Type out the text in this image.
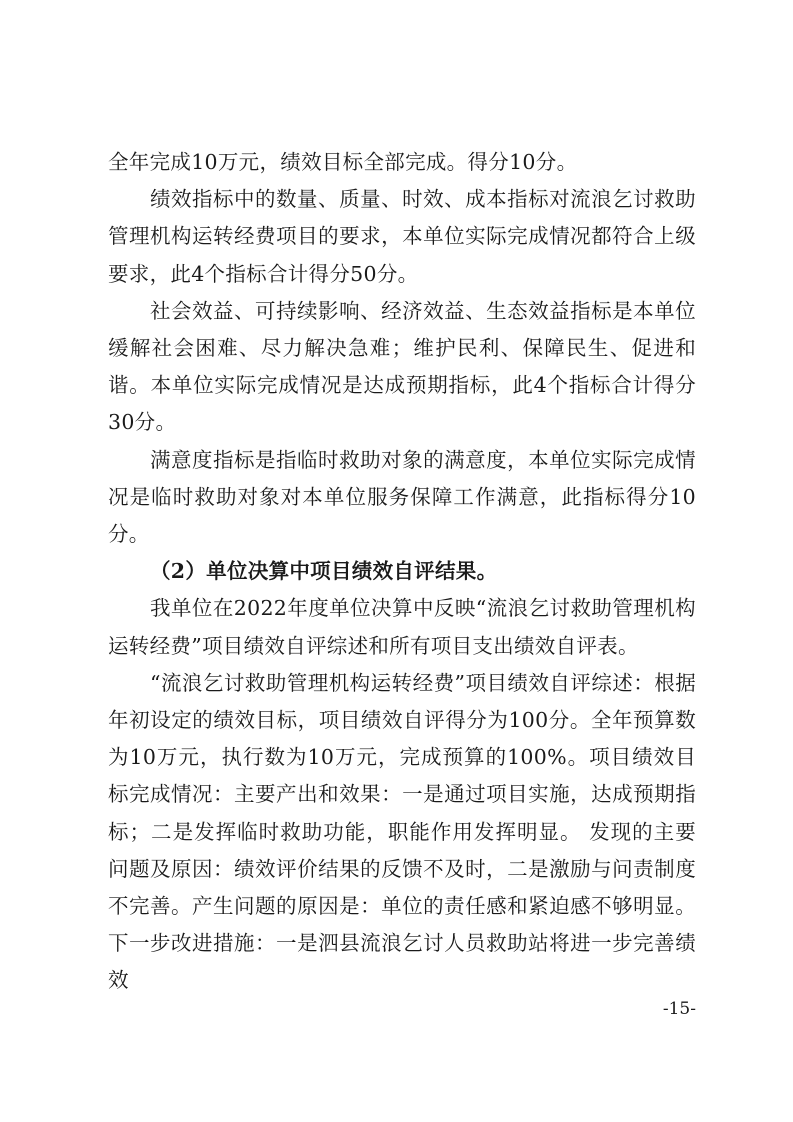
全年完成10万元，绩效目标全部完成。得分10分。

绩效指标中的数量、质量、时效、成本指标对流浪乞讨救助管理机构运转经费项目的要求，本单位实际完成情况都符合上级要求，此4个指标合计得分50分。

社会效益、可持续影响、经济效益、生态效益指标是本单位缓解社会困难、尽力解决急难；维护民利、保障民生、促进和谐。本单位实际完成情况是达成预期指标，此4个指标合计得分30分。

满意度指标是指临时救助对象的满意度，本单位实际完成情况是临时救助对象对本单位服务保障工作满意，此指标得分10分。

（2）单位决算中项目绩效自评结果。

我单位在2022年度单位决算中反映“流浪乞讨救助管理机构运转经费”项目绩效自评综述和所有项目支出绩效自评表。

“流浪乞讨救助管理机构运转经费”项目绩效自评综述：根据年初设定的绩效目标，项目绩效自评得分为100分。全年预算数为10万元，执行数为10万元，完成预算的100%。项目绩效目标完成情况：主要产出和效果：一是通过项目实施，达成预期指标；二是发挥临时救助功能，职能作用发挥明显。 发现的主要问题及原因：绩效评价结果的反馈不及时，二是激励与问责制度不完善。产生问题的原因是：单位的责任感和紧迫感不够明显。下一步改进措施：一是泗县流浪乞讨人员救助站将进一步完善绩效

-15-
